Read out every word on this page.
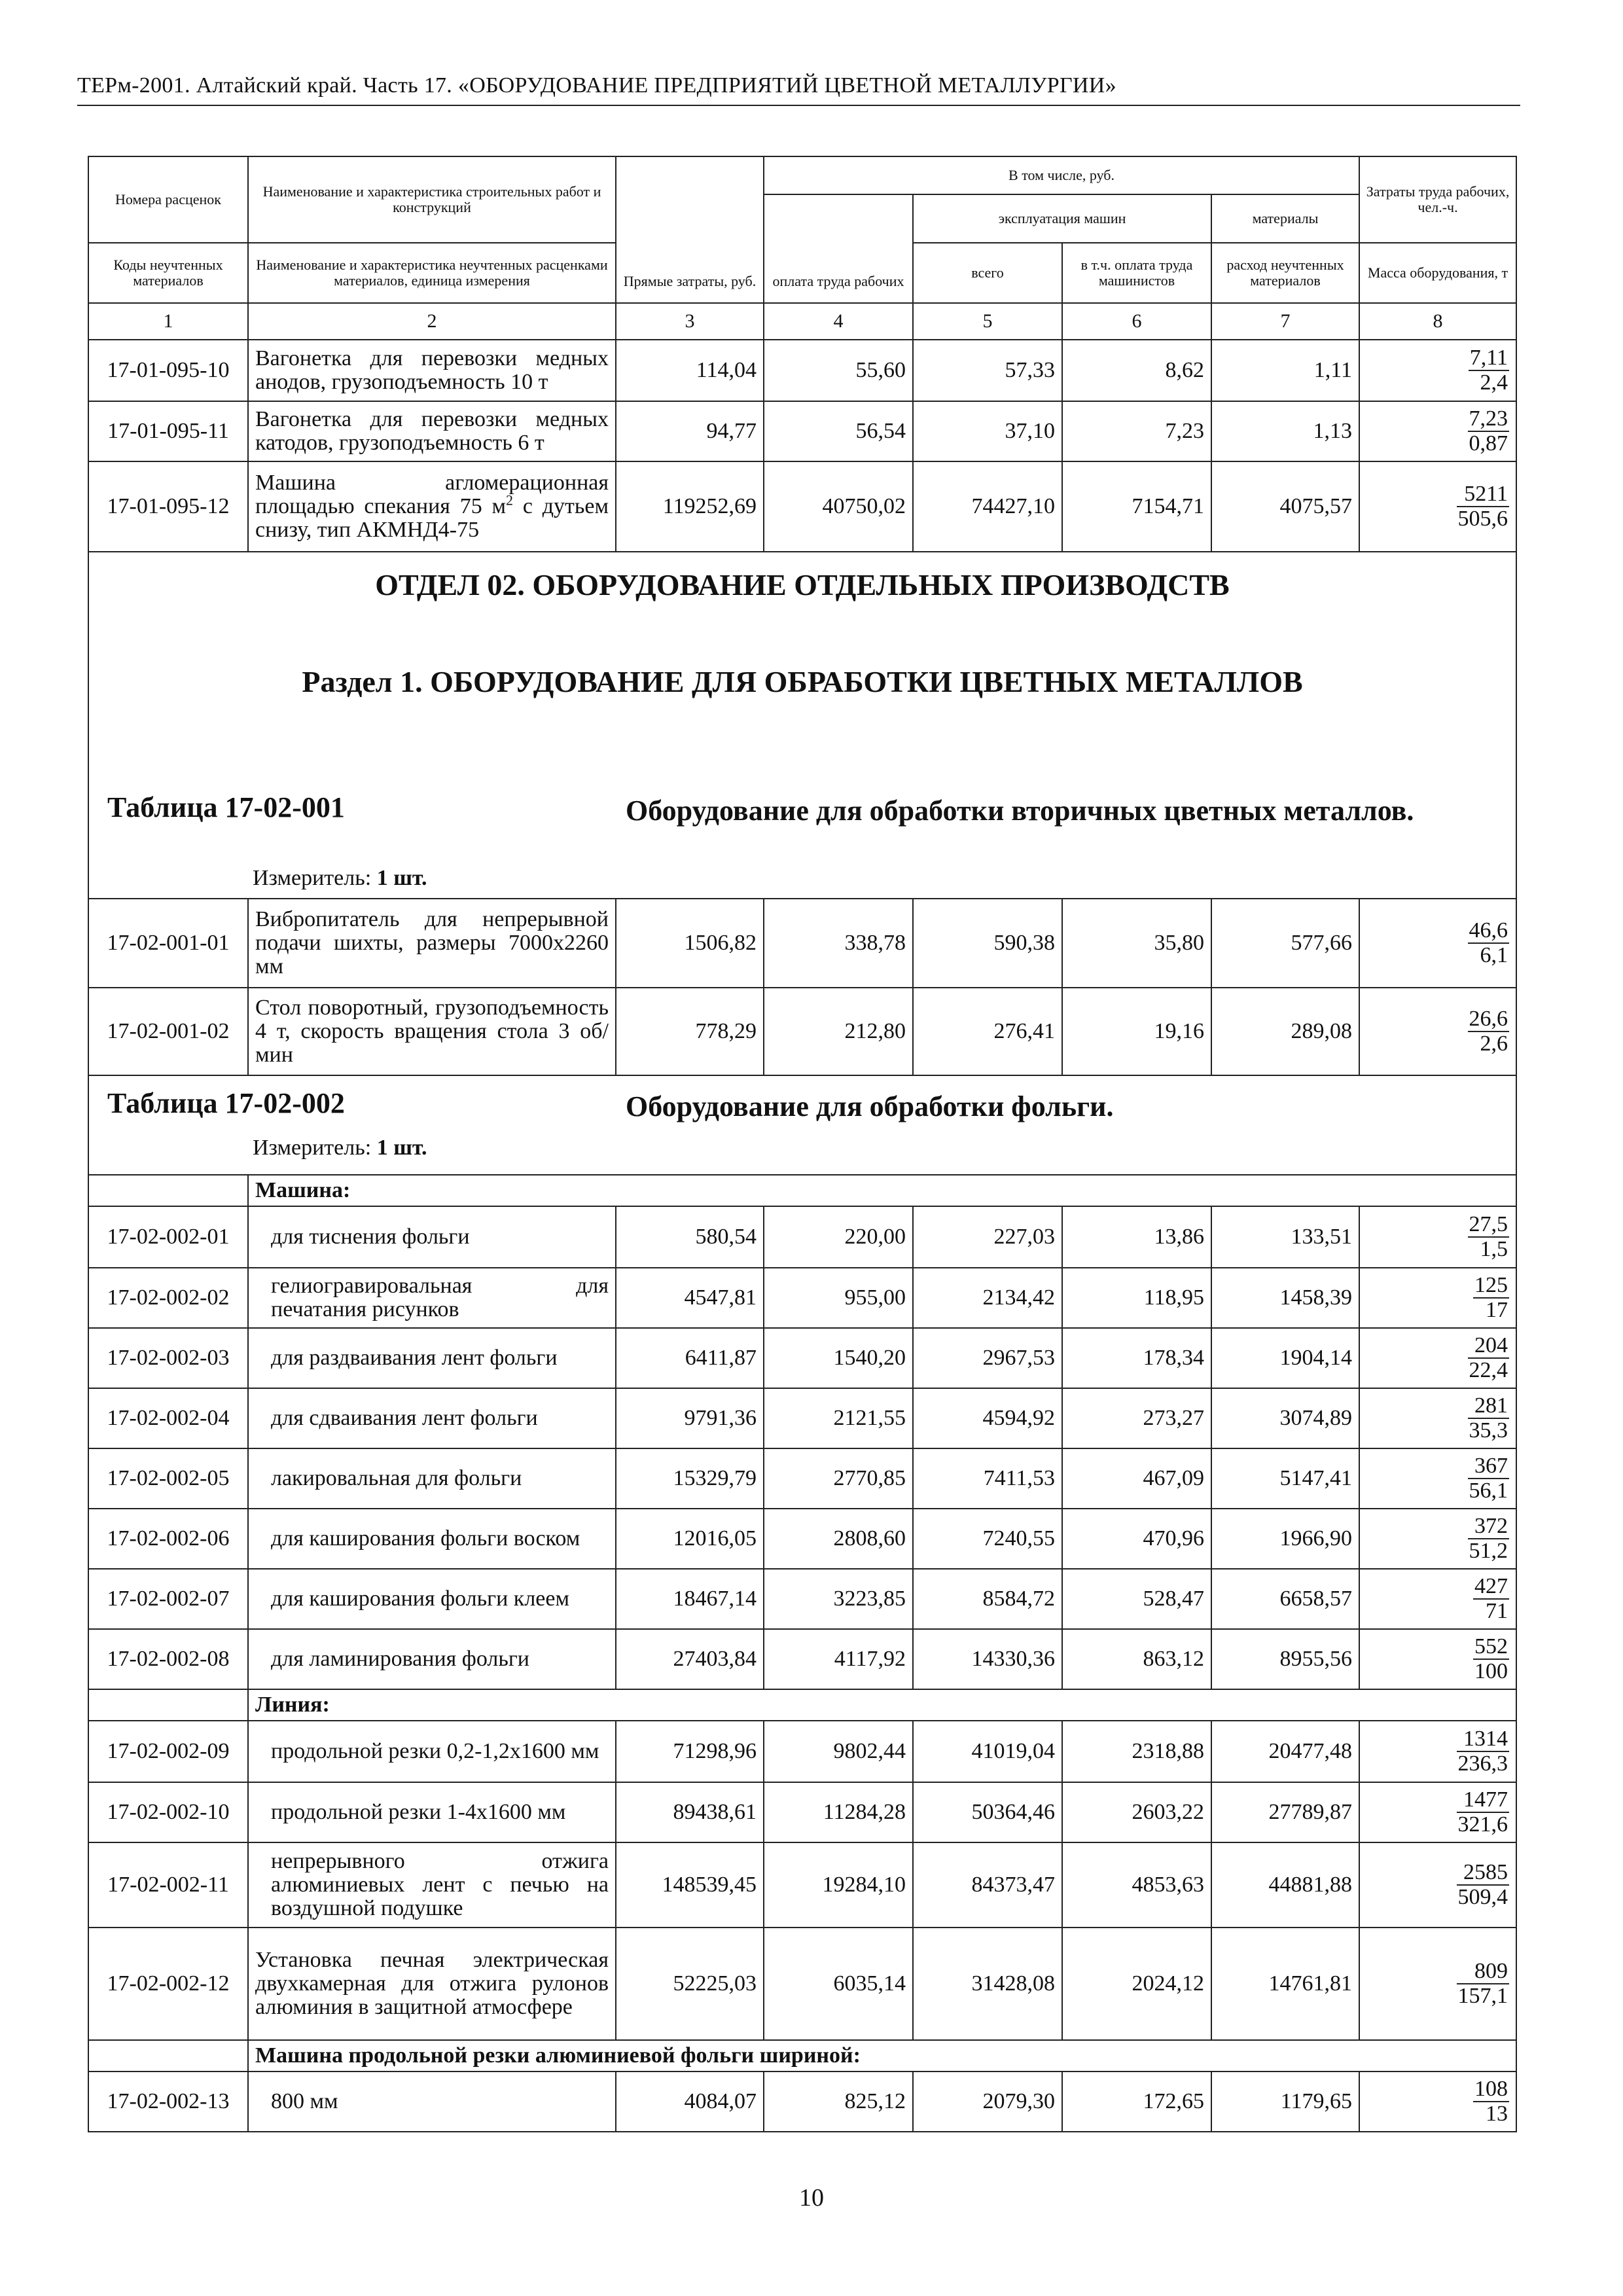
ТЕРм-2001. Алтайский край. Часть 17. «ОБОРУДОВАНИЕ ПРЕДПРИЯТИЙ ЦВЕТНОЙ МЕТАЛЛУРГИИ»
Номера расценок	Наименование и характеристика строительных работ и конструкций	Прямые затраты, руб.	В том числе, руб.				Затраты труда рабочих, чел.-ч.
			оплата труда рабочих	эксплуатация машин		материалы	
Коды неучтенных материалов	Наименование и характеристика неучтенных расценками материалов, единица измерения			всего	в т.ч. оплата труда машинистов	расход неучтенных материалов	Масса оборудования, т
1	2	3	4	5	6	7	8
17-01-095-10	Вагонетка для перевозки медных анодов, грузоподъемность 10 т	114,04	55,60	57,33	8,62	1,11	$\frac{7,11}{2,4}$

17-01-095-11	Вагонетка для перевозки медных катодов, грузоподъемность 6 т	94,77	56,54	37,10	7,23	1,13	$\frac{7,23}{0,87}$

17-01-095-12	Машина агломерационная площадью спекания 75 $м^2$ с дутьем снизу, тип АКМНД4-75	119252,69	40750,02	74427,10	7154,71	4075,57	$\frac{5211}{505,6}$

ОТДЕЛ 02. ОБОРУДОВАНИЕ ОТДЕЛЬНЫХ ПРОИЗВОДСТВ
Раздел 1. ОБОРУДОВАНИЕ ДЛЯ ОБРАБОТКИ ЦВЕТНЫХ МЕТАЛЛОВ
Таблица 17-02-001 Оборудование для обработки вторичных цветных металлов.
Измеритель: 1 шт.							

17-02-001-01	Вибропитатель для непрерывной подачи шихты, размеры 7000х2260 мм	1506,82	338,78	590,38	35,80	577,66	$\frac{46,6}{6,1}$

17-02-001-02	Стол поворотный, грузоподъемность 4 т, скорость вращения стола 3 об/мин	778,29	212,80	276,41	19,16	289,08	$\frac{26,6}{2,6}$

Таблица 17-02-002 Оборудование для обработки фольги.
Измеритель: 1 шт.							

	Машина:						
17-02-002-01	для тиснения фольги	580,54	220,00	227,03	13,86	133,51	$\frac{27,5}{1,5}$

17-02-002-02	гелиогравировальная для печатания рисунков	4547,81	955,00	2134,42	118,95	1458,39	$\frac{125}{17}$

17-02-002-03	для раздваивания лент фольги	6411,87	1540,20	2967,53	178,34	1904,14	$\frac{204}{22,4}$

17-02-002-04	для сдваивания лент фольги	9791,36	2121,55	4594,92	273,27	3074,89	$\frac{281}{35,3}$

17-02-002-05	лакировальная для фольги	15329,79	2770,85	7411,53	467,09	5147,41	$\frac{367}{56,1}$

17-02-002-06	для каширования фольги воском	12016,05	2808,60	7240,55	470,96	1966,90	$\frac{372}{51,2}$

17-02-002-07	для каширования фольги клеем	18467,14	3223,85	8584,72	528,47	6658,57	$\frac{427}{71}$

17-02-002-08	для ламинирования фольги	27403,84	4117,92	14330,36	863,12	8955,56	$\frac{552}{100}$

	Линия:						
17-02-002-09	продольной резки 0,2-1,2х1600 мм	71298,96	9802,44	41019,04	2318,88	20477,48	$\frac{1314}{236,3}$

17-02-002-10	продольной резки 1-4х1600 мм	89438,61	11284,28	50364,46	2603,22	27789,87	$\frac{1477}{321,6}$

17-02-002-11	непрерывного отжига алюминиевых лент с печью на воздушной подушке	148539,45	19284,10	84373,47	4853,63	44881,88	$\frac{2585}{509,4}$

17-02-002-12	Установка печная электрическая двухкамерная для отжига рулонов алюминия в защитной атмосфере	52225,03	6035,14	31428,08	2024,12	14761,81	$\frac{809}{157,1}$

	Машина продольной резки алюминиевой фольги шириной:						
17-02-002-13	800 мм	4084,07	825,12	2079,30	172,65	1179,65	$\frac{108}{13}$
10
